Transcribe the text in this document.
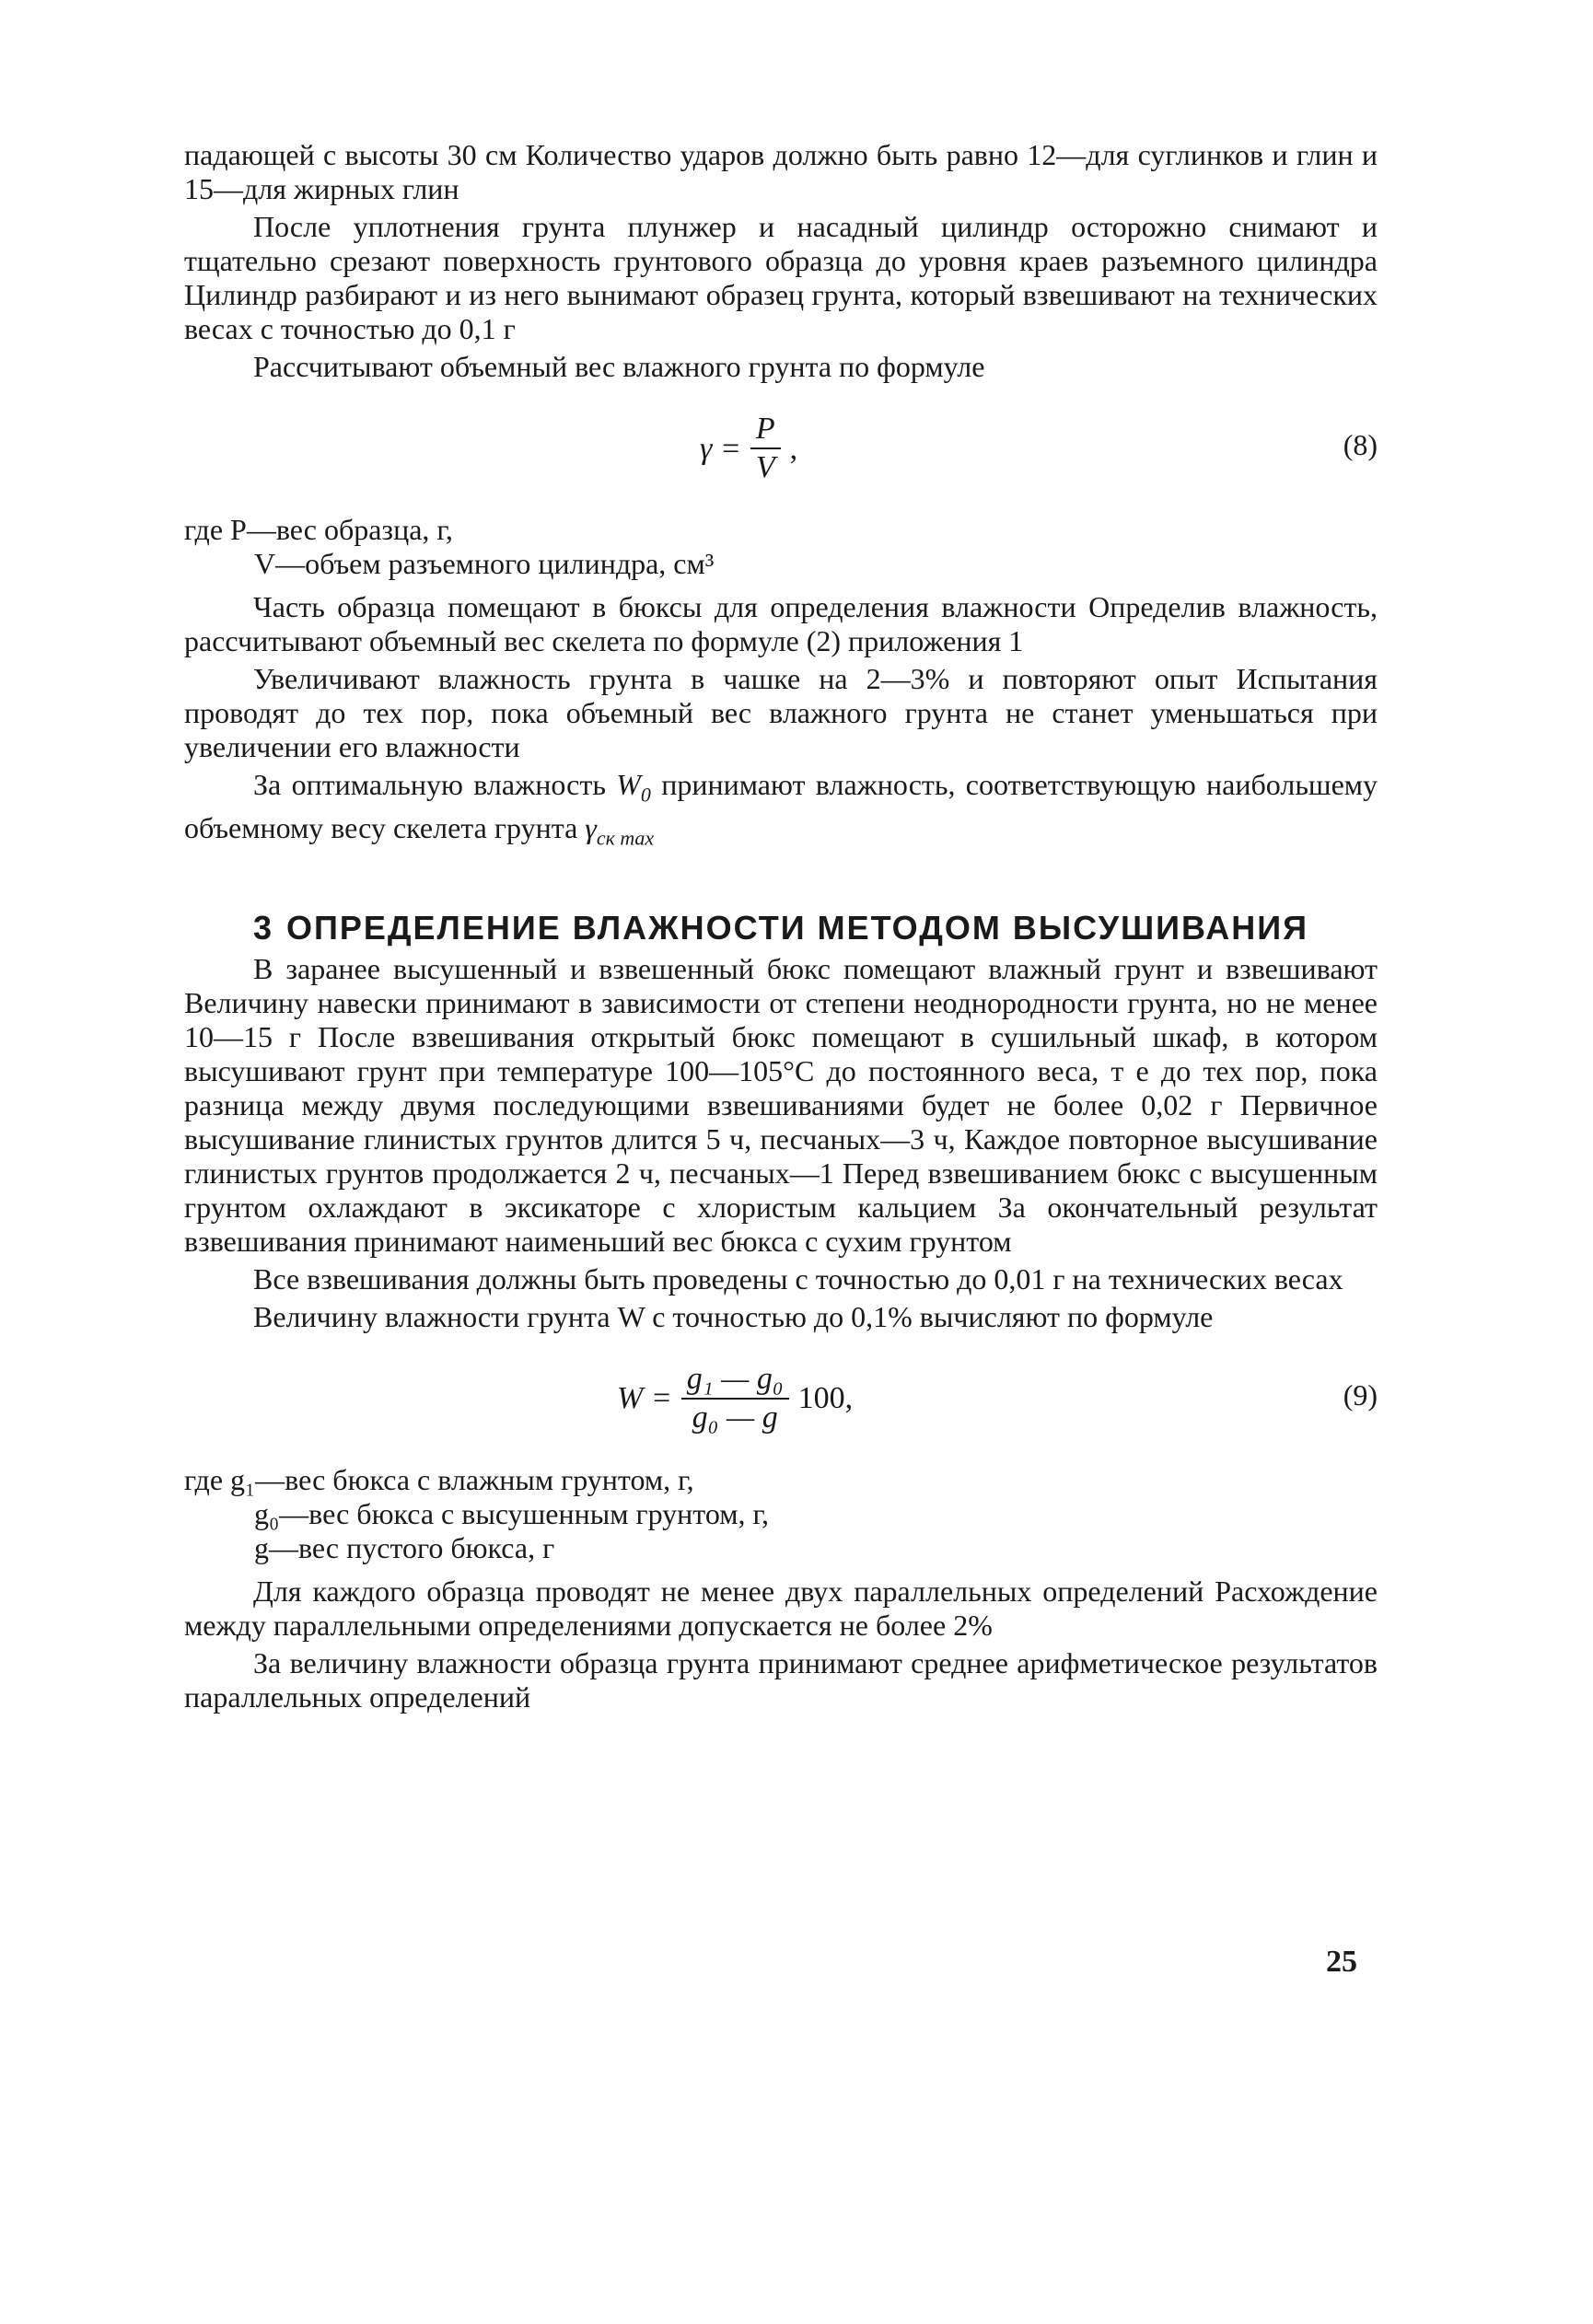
падающей с высоты 30 см Количество ударов должно быть равно 12—для суглинков и глин и 15—для жирных глин

После уплотнения грунта плунжер и насадный цилиндр осторожно снимают и тщательно срезают поверхность грунтового образца до уровня краев разъемного цилиндра Цилиндр разбирают и из него вынимают образец грунта, который взвешивают на технических весах с точностью до 0,1 г

Рассчитывают объемный вес влажного грунта по формуле

$\gamma = \frac{P}{V}$ ,	(8)
где P—вес образца, г,
V—объем разъемного цилиндра, см³

Часть образца помещают в бюксы для определения влажности Определив влажность, рассчитывают объемный вес скелета по формуле (2) приложения 1

Увеличивают влажность грунта в чашке на 2—3% и повторяют опыт Испытания проводят до тех пор, пока объемный вес влажного грунта не станет уменьшаться при увеличении его влажности

За оптимальную влажность $W_0$ принимают влажность, соответствующую наибольшему объемному весу скелета грунта $\gamma_{ск max}$

3 ОПРЕДЕЛЕНИЕ ВЛАЖНОСТИ МЕТОДОМ ВЫСУШИВАНИЯ

В заранее высушенный и взвешенный бюкс помещают влажный грунт и взвешивают Величину навески принимают в зависимости от степени неоднородности грунта, но не менее 10—15 г После взвешивания открытый бюкс помещают в сушильный шкаф, в котором высушивают грунт при температуре 100—105°С до постоянного веса, т е до тех пор, пока разница между двумя последующими взвешиваниями будет не более 0,02 г Первичное высушивание глинистых грунтов длится 5 ч, песчаных—3 ч, Каждое повторное высушивание глинистых грунтов продолжается 2 ч, песчаных—1 Перед взвешиванием бюкс с высушенным грунтом охлаждают в эксикаторе с хлористым кальцием За окончательный результат взвешивания принимают наименьший вес бюкса с сухим грунтом

Все взвешивания должны быть проведены с точностью до 0,01 г на технических весах

Величину влажности грунта W с точностью до 0,1% вычисляют по формуле

$W = \frac{\text{g₁ — g₀}}{\text{g₀ — g}} 100$,	(9)
где g₁—вес бюкса с влажным грунтом, г,
g₀—вес бюкса с высушенным грунтом, г,
g—вес пустого бюкса, г

Для каждого образца проводят не менее двух параллельных определений Расхождение между параллельными определениями допускается не более 2%

За величину влажности образца грунта принимают среднее арифметическое результатов параллельных определений

25
